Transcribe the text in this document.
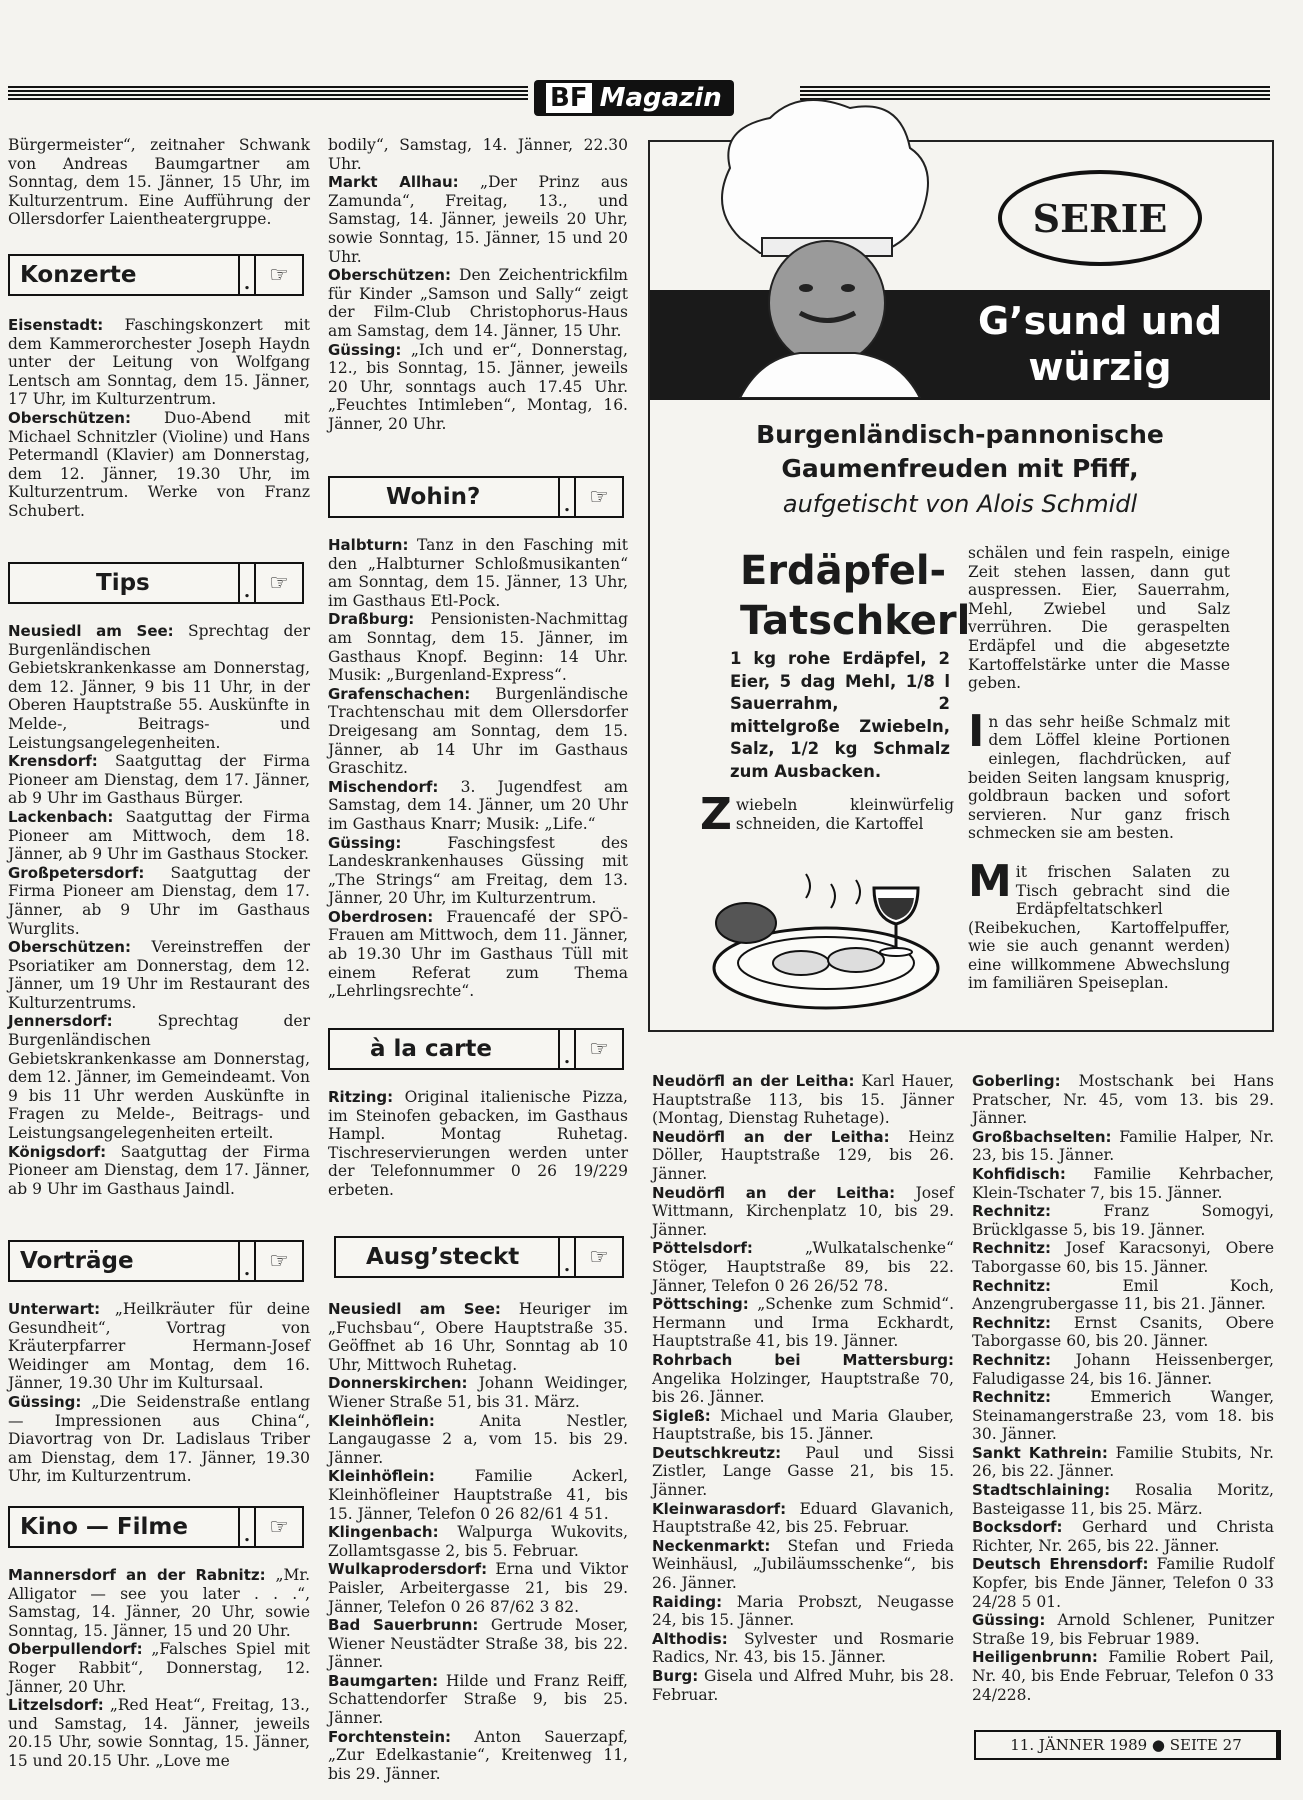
BF Magazin

Bürgermeister“, zeitnaher Schwank von Andreas Baumgartner am Sonntag, dem 15. Jänner, 15 Uhr, im Kulturzentrum. Eine Aufführung der Ollersdorfer Laientheatergruppe.

Konzerte	. ☞

Eisenstadt: Faschingskonzert mit dem Kammerorchester Joseph Haydn unter der Leitung von Wolfgang Lentsch am Sonntag, dem 15. Jänner, 17 Uhr, im Kulturzentrum.

Oberschützen: Duo-Abend mit Michael Schnitzler (Violine) und Hans Petermandl (Klavier) am Donnerstag, dem 12. Jänner, 19.30 Uhr, im Kulturzentrum. Werke von Franz Schubert.

Tips	. ☞

Neusiedl am See: Sprechtag der Burgenländischen Gebietskrankenkasse am Donnerstag, dem 12. Jänner, 9 bis 11 Uhr, in der Oberen Hauptstraße 55. Auskünfte in Melde-, Beitrags- und Leistungsangelegenheiten.

Krensdorf: Saatguttag der Firma Pioneer am Dienstag, dem 17. Jänner, ab 9 Uhr im Gasthaus Bürger.

Lackenbach: Saatguttag der Firma Pioneer am Mittwoch, dem 18. Jänner, ab 9 Uhr im Gasthaus Stocker.

Großpetersdorf: Saatguttag der Firma Pioneer am Dienstag, dem 17. Jänner, ab 9 Uhr im Gasthaus Wurglits.

Oberschützen: Vereinstreffen der Psoriatiker am Donnerstag, dem 12. Jänner, um 19 Uhr im Restaurant des Kulturzentrums.

Jennersdorf: Sprechtag der Burgenländischen Gebietskrankenkasse am Donnerstag, dem 12. Jänner, im Gemeindeamt. Von 9 bis 11 Uhr werden Auskünfte in Fragen zu Melde-, Beitrags- und Leistungsangelegenheiten erteilt.

Königsdorf: Saatguttag der Firma Pioneer am Dienstag, dem 17. Jänner, ab 9 Uhr im Gasthaus Jaindl.

Vorträge	. ☞

Unterwart: „Heilkräuter für deine Gesundheit“, Vortrag von Kräuterpfarrer Hermann-Josef Weidinger am Montag, dem 16. Jänner, 19.30 Uhr im Kultursaal.

Güssing: „Die Seidenstraße entlang — Impressionen aus China“, Diavortrag von Dr. Ladislaus Triber am Dienstag, dem 17. Jänner, 19.30 Uhr, im Kulturzentrum.

Kino — Filme	. ☞

Mannersdorf an der Rabnitz: „Mr. Alligator — see you later . . .“, Samstag, 14. Jänner, 20 Uhr, sowie Sonntag, 15. Jänner, 15 und 20 Uhr.

Oberpullendorf: „Falsches Spiel mit Roger Rabbit“, Donnerstag, 12. Jänner, 20 Uhr.

Litzelsdorf: „Red Heat“, Freitag, 13., und Samstag, 14. Jänner, jeweils 20.15 Uhr, sowie Sonntag, 15. Jänner, 15 und 20.15 Uhr. „Love me

bodily“, Samstag, 14. Jänner, 22.30 Uhr.

Markt Allhau: „Der Prinz aus Zamunda“, Freitag, 13., und Samstag, 14. Jänner, jeweils 20 Uhr, sowie Sonntag, 15. Jänner, 15 und 20 Uhr.

Oberschützen: Den Zeichentrickfilm für Kinder „Samson und Sally“ zeigt der Film-Club Christophorus-Haus am Samstag, dem 14. Jänner, 15 Uhr.

Güssing: „Ich und er“, Donnerstag, 12., bis Sonntag, 15. Jänner, jeweils 20 Uhr, sonntags auch 17.45 Uhr. „Feuchtes Intimleben“, Montag, 16. Jänner, 20 Uhr.

Wohin?	. ☞

Halbturn: Tanz in den Fasching mit den „Halbturner Schloßmusikanten“ am Sonntag, dem 15. Jänner, 13 Uhr, im Gasthaus Etl-Pock.

Draßburg: Pensionisten-Nachmittag am Sonntag, dem 15. Jänner, im Gasthaus Knopf. Beginn: 14 Uhr. Musik: „Burgenland-Express“.

Grafenschachen: Burgenländische Trachtenschau mit dem Ollersdorfer Dreigesang am Sonntag, dem 15. Jänner, ab 14 Uhr im Gasthaus Graschitz.

Mischendorf: 3. Jugendfest am Samstag, dem 14. Jänner, um 20 Uhr im Gasthaus Knarr; Musik: „Life.“

Güssing: Faschingsfest des Landeskrankenhauses Güssing mit „The Strings“ am Freitag, dem 13. Jänner, 20 Uhr, im Kulturzentrum.

Oberdrosen: Frauencafé der SPÖ-Frauen am Mittwoch, dem 11. Jänner, ab 19.30 Uhr im Gasthaus Tüll mit einem Referat zum Thema „Lehrlingsrechte“.

à la carte	. ☞

Ritzing: Original italienische Pizza, im Steinofen gebacken, im Gasthaus Hampl. Montag Ruhetag. Tischreservierungen werden unter der Telefonnummer 0 26 19/229 erbeten.

Ausg’steckt	. ☞

Neusiedl am See: Heuriger im „Fuchsbau“, Obere Hauptstraße 35. Geöffnet ab 16 Uhr, Sonntag ab 10 Uhr, Mittwoch Ruhetag.

Donnerskirchen: Johann Weidinger, Wiener Straße 51, bis 31. März.

Kleinhöflein: Anita Nestler, Langaugasse 2 a, vom 15. bis 29. Jänner.

Kleinhöflein: Familie Ackerl, Kleinhöfleiner Hauptstraße 41, bis 15. Jänner, Telefon 0 26 82/61 4 51.

Klingenbach: Walpurga Wukovits, Zollamtsgasse 2, bis 5. Februar.

Wulkaprodersdorf: Erna und Viktor Paisler, Arbeitergasse 21, bis 29. Jänner, Telefon 0 26 87/62 3 82.

Bad Sauerbrunn: Gertrude Moser, Wiener Neustädter Straße 38, bis 22. Jänner.

Baumgarten: Hilde und Franz Reiff, Schattendorfer Straße 9, bis 25. Jänner.

Forchtenstein: Anton Sauerzapf, „Zur Edelkastanie“, Kreitenweg 11, bis 29. Jänner.

SERIE
G’sund und würzig
Burgenländisch-pannonische
Gaumenfreuden mit Pfiff,
aufgetischt von Alois Schmidl
Erdäpfel-
Tatschkerl
1 kg rohe Erdäpfel, 2 Eier, 5 dag Mehl, 1/8 l Sauerrahm, 2 mittelgroße Zwiebeln, Salz, 1/2 kg Schmalz zum Ausbacken.
Zwiebeln kleinwürfelig schneiden, die Kartoffel

schälen und fein raspeln, einige Zeit stehen lassen, dann gut auspressen. Eier, Sauerrahm, Mehl, Zwiebel und Salz verrühren. Die geraspelten Erdäpfel und die abgesetzte Kartoffelstärke unter die Masse geben.

In das sehr heiße Schmalz mit dem Löffel kleine Portionen einlegen, flachdrücken, auf beiden Seiten langsam knusprig, goldbraun backen und sofort servieren. Nur ganz frisch schmecken sie am besten.

Mit frischen Salaten zu Tisch gebracht sind die Erdäpfeltatschkerl (Reibekuchen, Kartoffelpuffer, wie sie auch genannt werden) eine willkommene Abwechslung im familiären Speiseplan.

Neudörfl an der Leitha: Karl Hauer, Hauptstraße 113, bis 15. Jänner (Montag, Dienstag Ruhetage).

Neudörfl an der Leitha: Heinz Döller, Hauptstraße 129, bis 26. Jänner.

Neudörfl an der Leitha: Josef Wittmann, Kirchenplatz 10, bis 29. Jänner.

Pöttelsdorf: „Wulkatalschenke“ Stöger, Hauptstraße 89, bis 22. Jänner, Telefon 0 26 26/52 78.

Pöttsching: „Schenke zum Schmid“. Hermann und Irma Eckhardt, Hauptstraße 41, bis 19. Jänner.

Rohrbach bei Mattersburg: Angelika Holzinger, Hauptstraße 70, bis 26. Jänner.

Sigleß: Michael und Maria Glauber, Hauptstraße, bis 15. Jänner.

Deutschkreutz: Paul und Sissi Zistler, Lange Gasse 21, bis 15. Jänner.

Kleinwarasdorf: Eduard Glavanich, Hauptstraße 42, bis 25. Februar.

Neckenmarkt: Stefan und Frieda Weinhäusl, „Jubiläumsschenke“, bis 26. Jänner.

Raiding: Maria Probszt, Neugasse 24, bis 15. Jänner.

Althodis: Sylvester und Rosmarie Radics, Nr. 43, bis 15. Jänner.

Burg: Gisela und Alfred Muhr, bis 28. Februar.

Goberling: Mostschank bei Hans Pratscher, Nr. 45, vom 13. bis 29. Jänner.

Großbachselten: Familie Halper, Nr. 23, bis 15. Jänner.

Kohfidisch: Familie Kehrbacher, Klein-Tschater 7, bis 15. Jänner.

Rechnitz: Franz Somogyi, Brücklgasse 5, bis 19. Jänner.

Rechnitz: Josef Karacsonyi, Obere Taborgasse 60, bis 15. Jänner.

Rechnitz: Emil Koch, Anzengrubergasse 11, bis 21. Jänner.

Rechnitz: Ernst Csanits, Obere Taborgasse 60, bis 20. Jänner.

Rechnitz: Johann Heissenberger, Faludigasse 24, bis 16. Jänner.

Rechnitz: Emmerich Wanger, Steinamangerstraße 23, vom 18. bis 30. Jänner.

Sankt Kathrein: Familie Stubits, Nr. 26, bis 22. Jänner.

Stadtschlaining: Rosalia Moritz, Basteigasse 11, bis 25. März.

Bocksdorf: Gerhard und Christa Richter, Nr. 265, bis 22. Jänner.

Deutsch Ehrensdorf: Familie Rudolf Kopfer, bis Ende Jänner, Telefon 0 33 24/28 5 01.

Güssing: Arnold Schlener, Punitzer Straße 19, bis Februar 1989.

Heiligenbrunn: Familie Robert Pail, Nr. 40, bis Ende Februar, Telefon 0 33 24/228.

11. JÄNNER 1989 ● SEITE 27
